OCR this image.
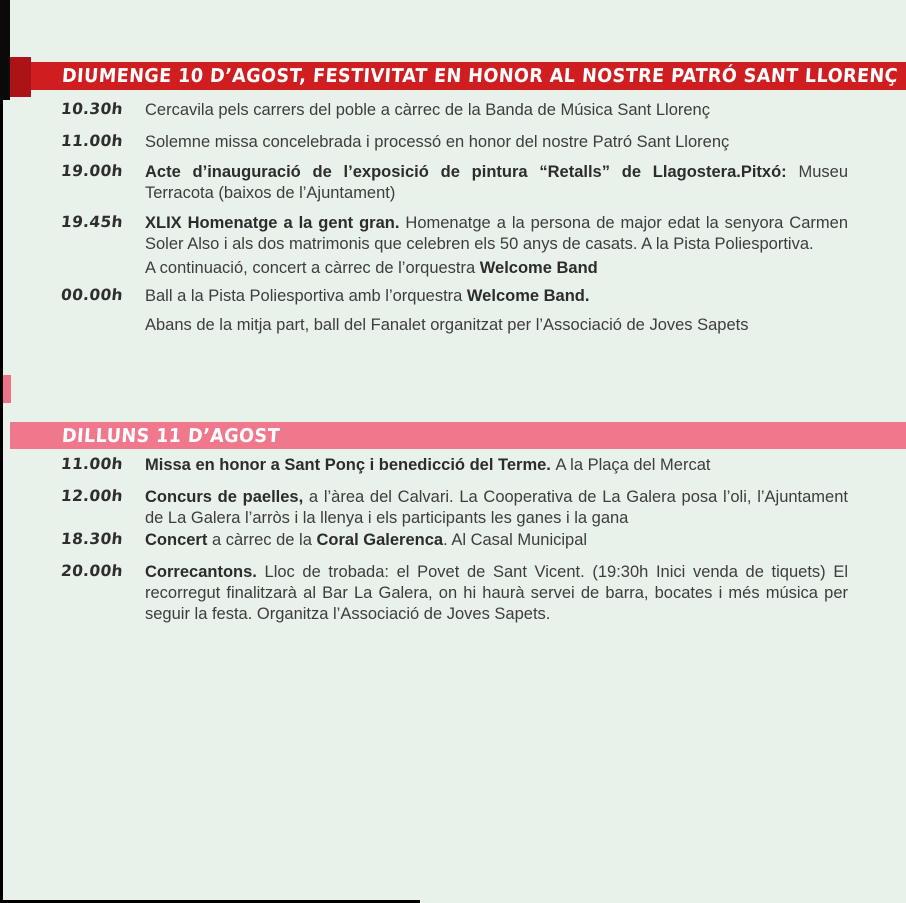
DIUMENGE 10 D’AGOST, FESTIVITAT EN HONOR AL NOSTRE PATRÓ SANT LLORENÇ
10.30h	Cercavila pels carrers del poble a càrrec de la Banda de Música Sant Llorenç

11.00h	Solemne missa concelebrada i processó en honor del nostre Patró Sant Llorenç

19.00h	Acte d’inauguració de l’exposició de pintura “Retalls” de Llagostera.Pitxó: Museu Terracota (baixos de l’Ajuntament)

19.45h	XLIX Homenatge a la gent gran. Homenatge a la persona de major edat la senyora Carmen Soler Also i als dos matrimonis que celebren els 50 anys de casats. A la Pista Poliesportiva.

A continuació, concert a càrrec de l’orquestra Welcome Band

00.00h	Ball a la Pista Poliesportiva amb l’orquestra Welcome Band.

Abans de la mitja part, ball del Fanalet organitzat per l’Associació de Joves Sapets

DILLUNS 11 D’AGOST
11.00h	Missa en honor a Sant Ponç i benedicció del Terme. A la Plaça del Mercat

12.00h	Concurs de paelles, a l’àrea del Calvari. La Cooperativa de La Galera posa l’oli, l’Ajuntament de La Galera l’arròs i la llenya i els participants les ganes i la gana

18.30h	Concert a càrrec de la Coral Galerenca. Al Casal Municipal

20.00h	Correcantons. Lloc de trobada: el Povet de Sant Vicent. (19:30h Inici venda de tiquets) El recorregut finalitzarà al Bar La Galera, on hi haurà servei de barra, bocates i més música per seguir la festa. Organitza l’Associació de Joves Sapets.
